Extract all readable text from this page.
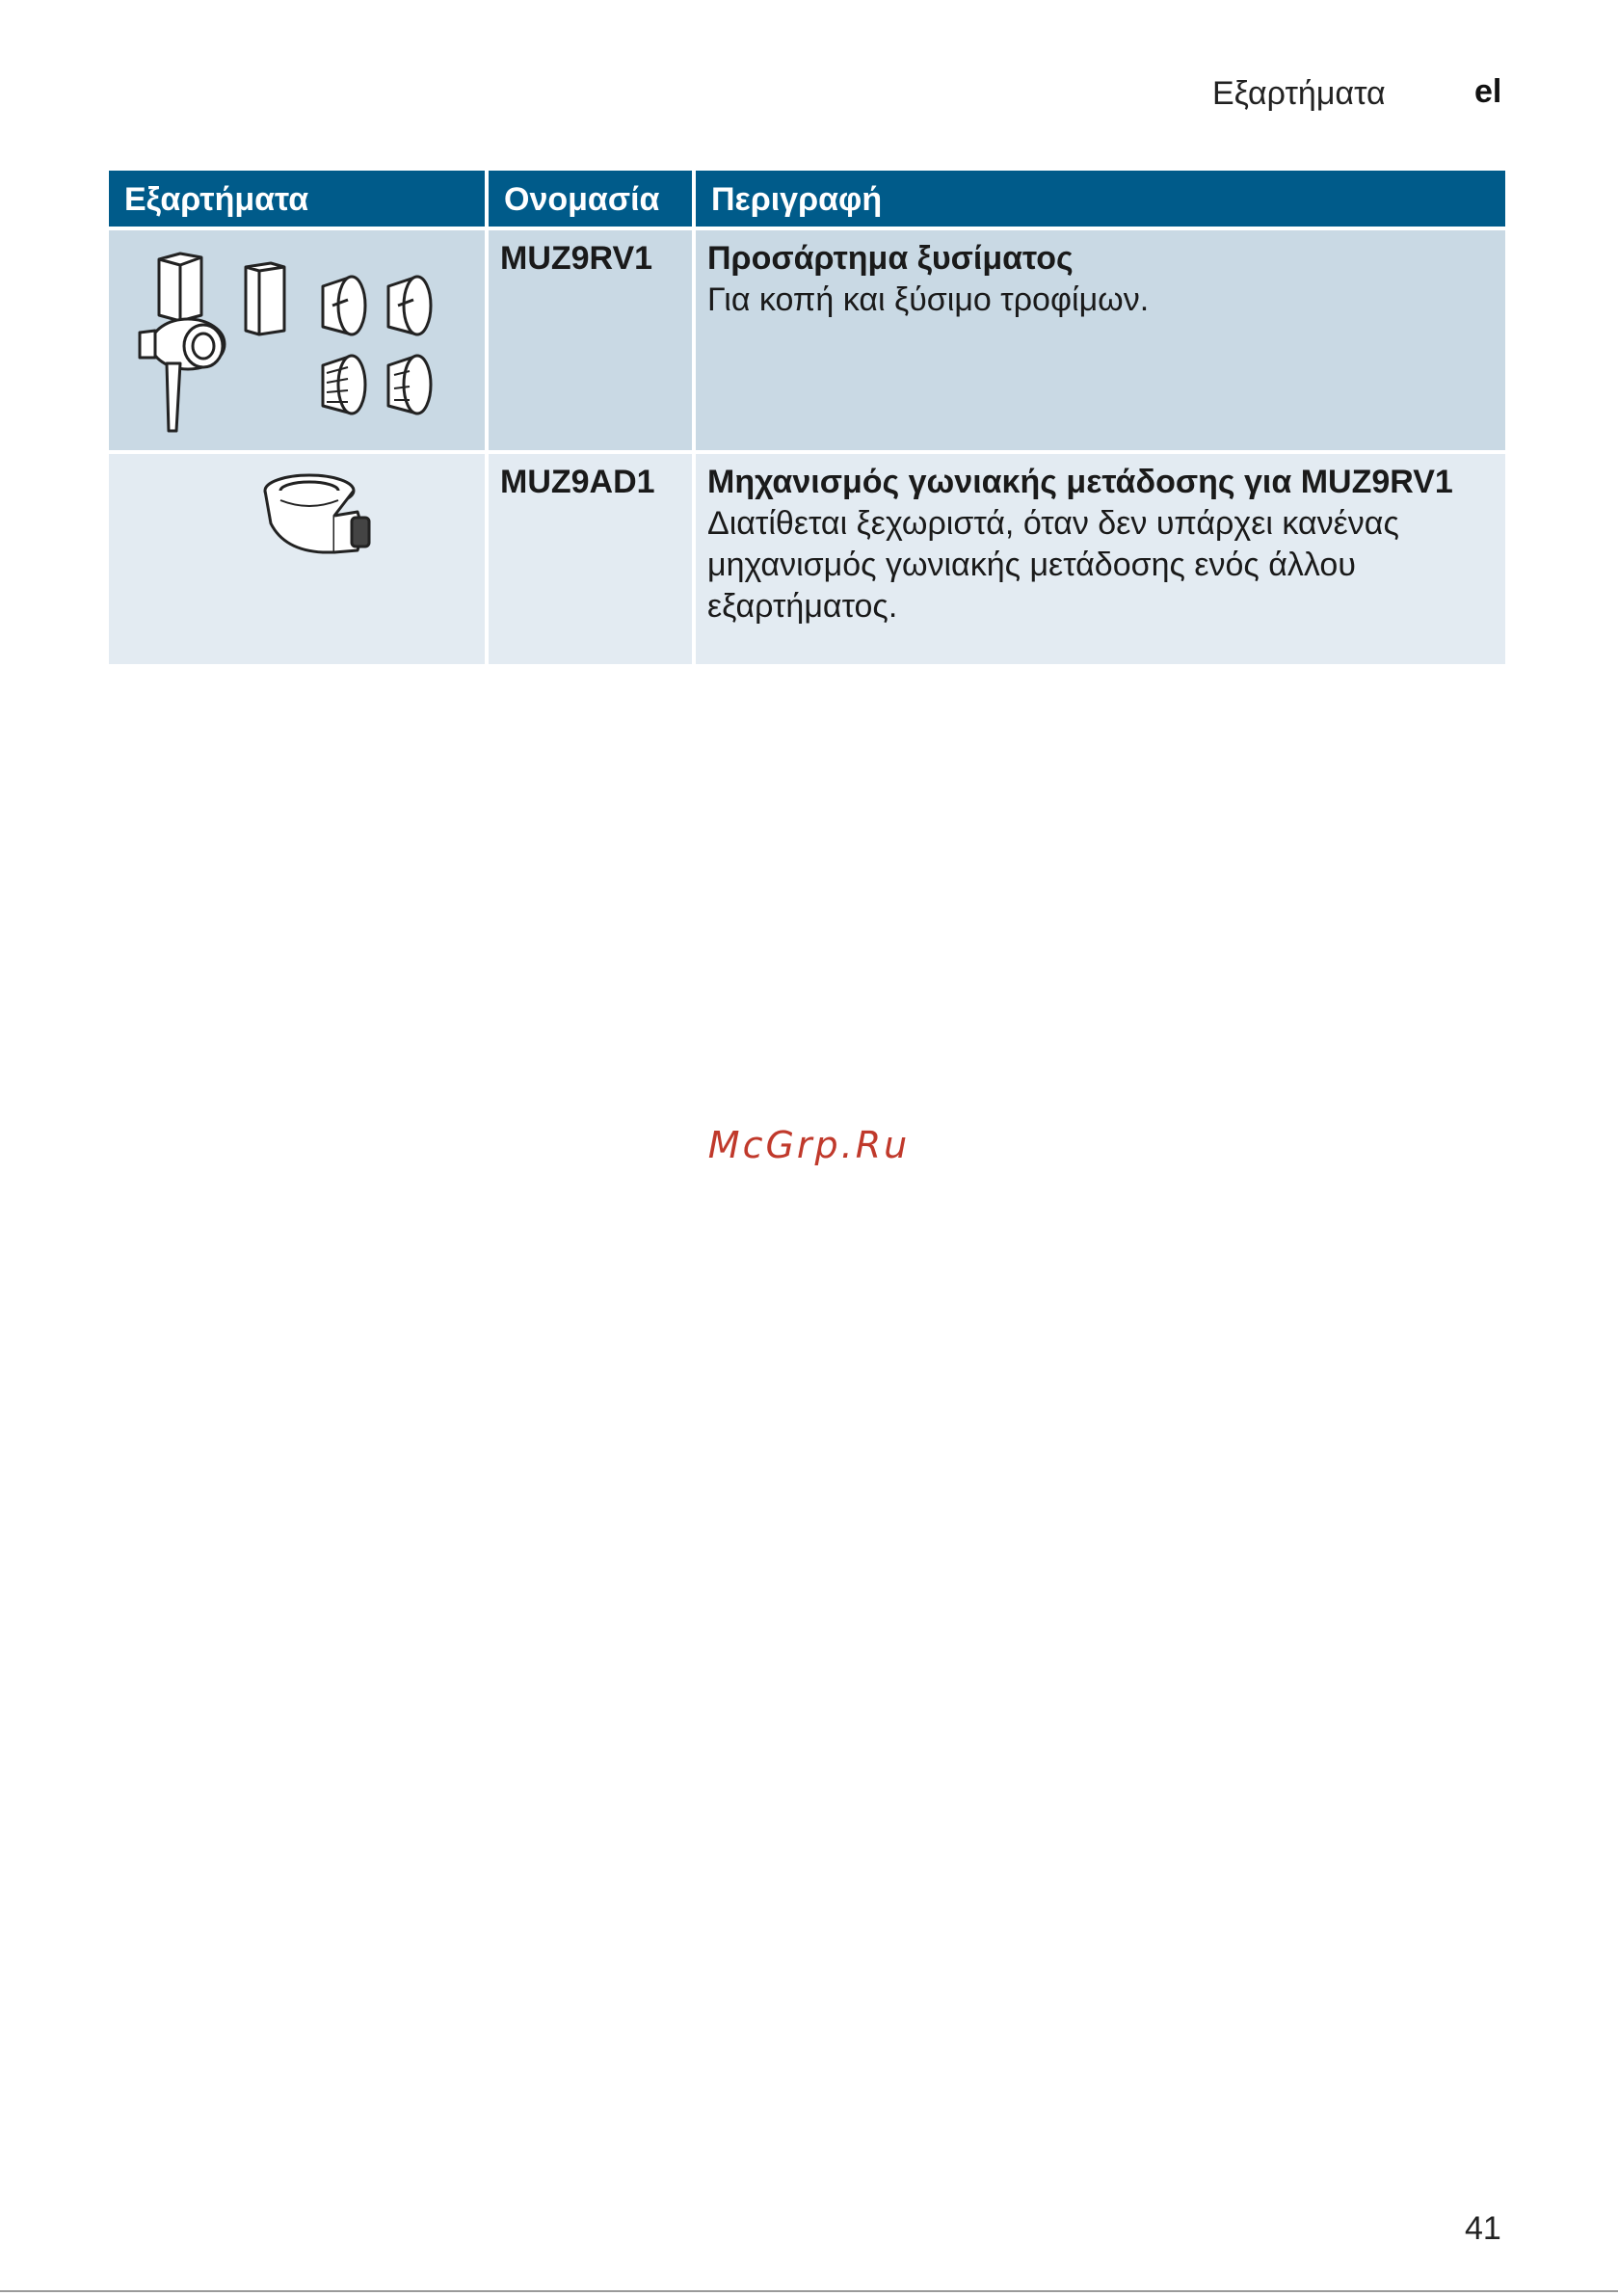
Εξαρτήματα	el
Εξαρτήματα	Ονομασία	Περιγραφή

	MUZ9RV1	Προσάρτημα ξυσίματος
Για κοπή και ξύσιμο τροφίμων.

	MUZ9AD1	Μηχανισμός γωνιακής μετάδοσης για MUZ9RV1
Διατίθεται ξεχωριστά, όταν δεν υπάρχει κανένας μηχανισμός γωνιακής μετάδοσης ενός άλλου εξαρτήματος.
McGrp.Ru
41
